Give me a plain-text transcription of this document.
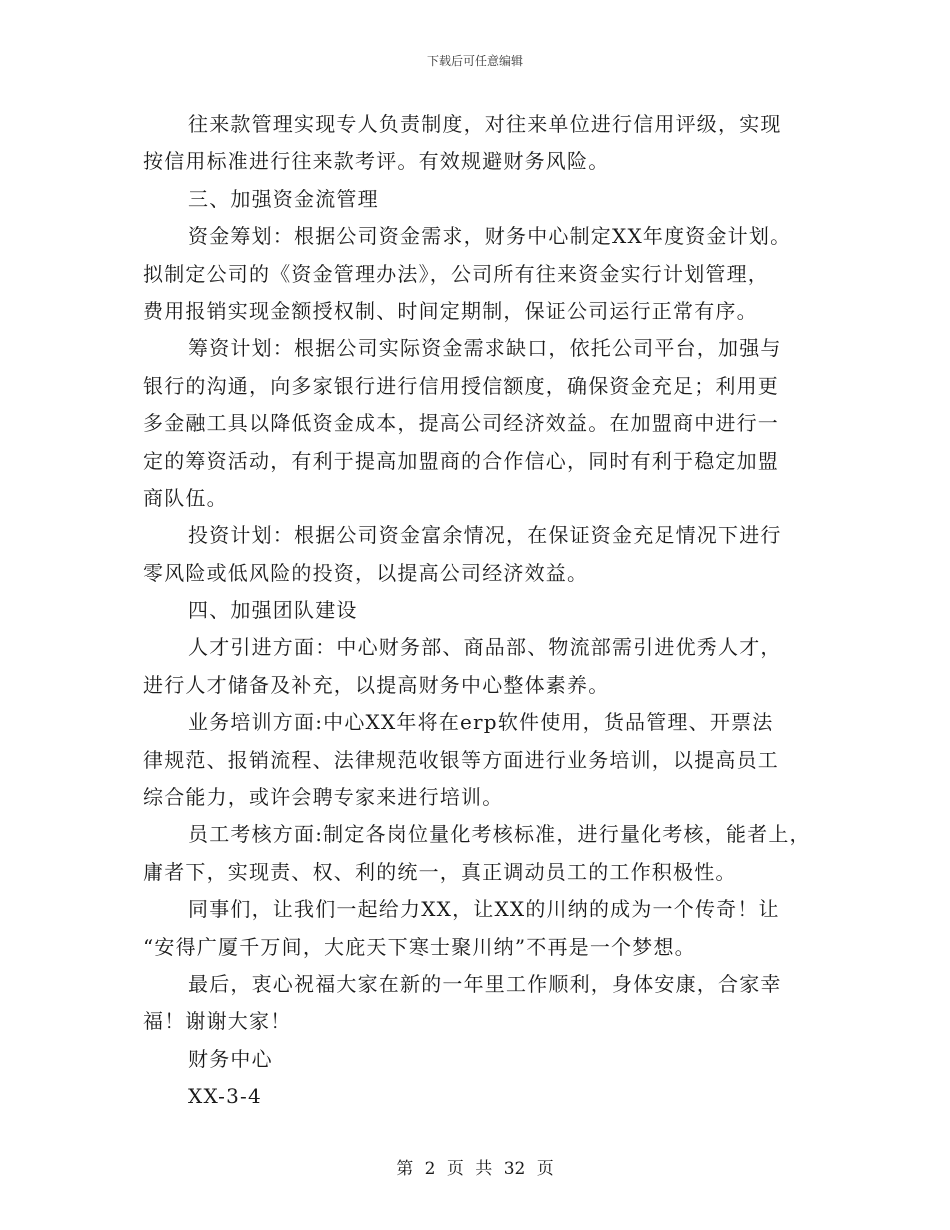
下载后可任意编辑
往来款管理实现专人负责制度，对往来单位进行信用评级，实现
按信用标准进行往来款考评。有效规避财务风险。
三、加强资金流管理
资金筹划：根据公司资金需求，财务中心制定XX年度资金计划。
拟制定公司的《资金管理办法》，公司所有往来资金实行计划管理，
费用报销实现金额授权制、时间定期制，保证公司运行正常有序。
筹资计划：根据公司实际资金需求缺口，依托公司平台，加强与
银行的沟通，向多家银行进行信用授信额度，确保资金充足；利用更
多金融工具以降低资金成本，提高公司经济效益。在加盟商中进行一
定的筹资活动，有利于提高加盟商的合作信心，同时有利于稳定加盟
商队伍。
投资计划：根据公司资金富余情况，在保证资金充足情况下进行
零风险或低风险的投资，以提高公司经济效益。
四、加强团队建设
人才引进方面：中心财务部、商品部、物流部需引进优秀人才，
进行人才储备及补充，以提高财务中心整体素养。
业务培训方面:中心XX年将在erp软件使用，货品管理、开票法
律规范、报销流程、法律规范收银等方面进行业务培训，以提高员工
综合能力，或许会聘专家来进行培训。
员工考核方面:制定各岗位量化考核标准，进行量化考核，能者上，
庸者下，实现责、权、利的统一，真正调动员工的工作积极性。
同事们，让我们一起给力XX，让XX的川纳的成为一个传奇！让
“安得广厦千万间，大庇天下寒士聚川纳”不再是一个梦想。
最后，衷心祝福大家在新的一年里工作顺利，身体安康，合家幸
福！谢谢大家！
财务中心
XX-3-4
第 2 页 共 32 页
